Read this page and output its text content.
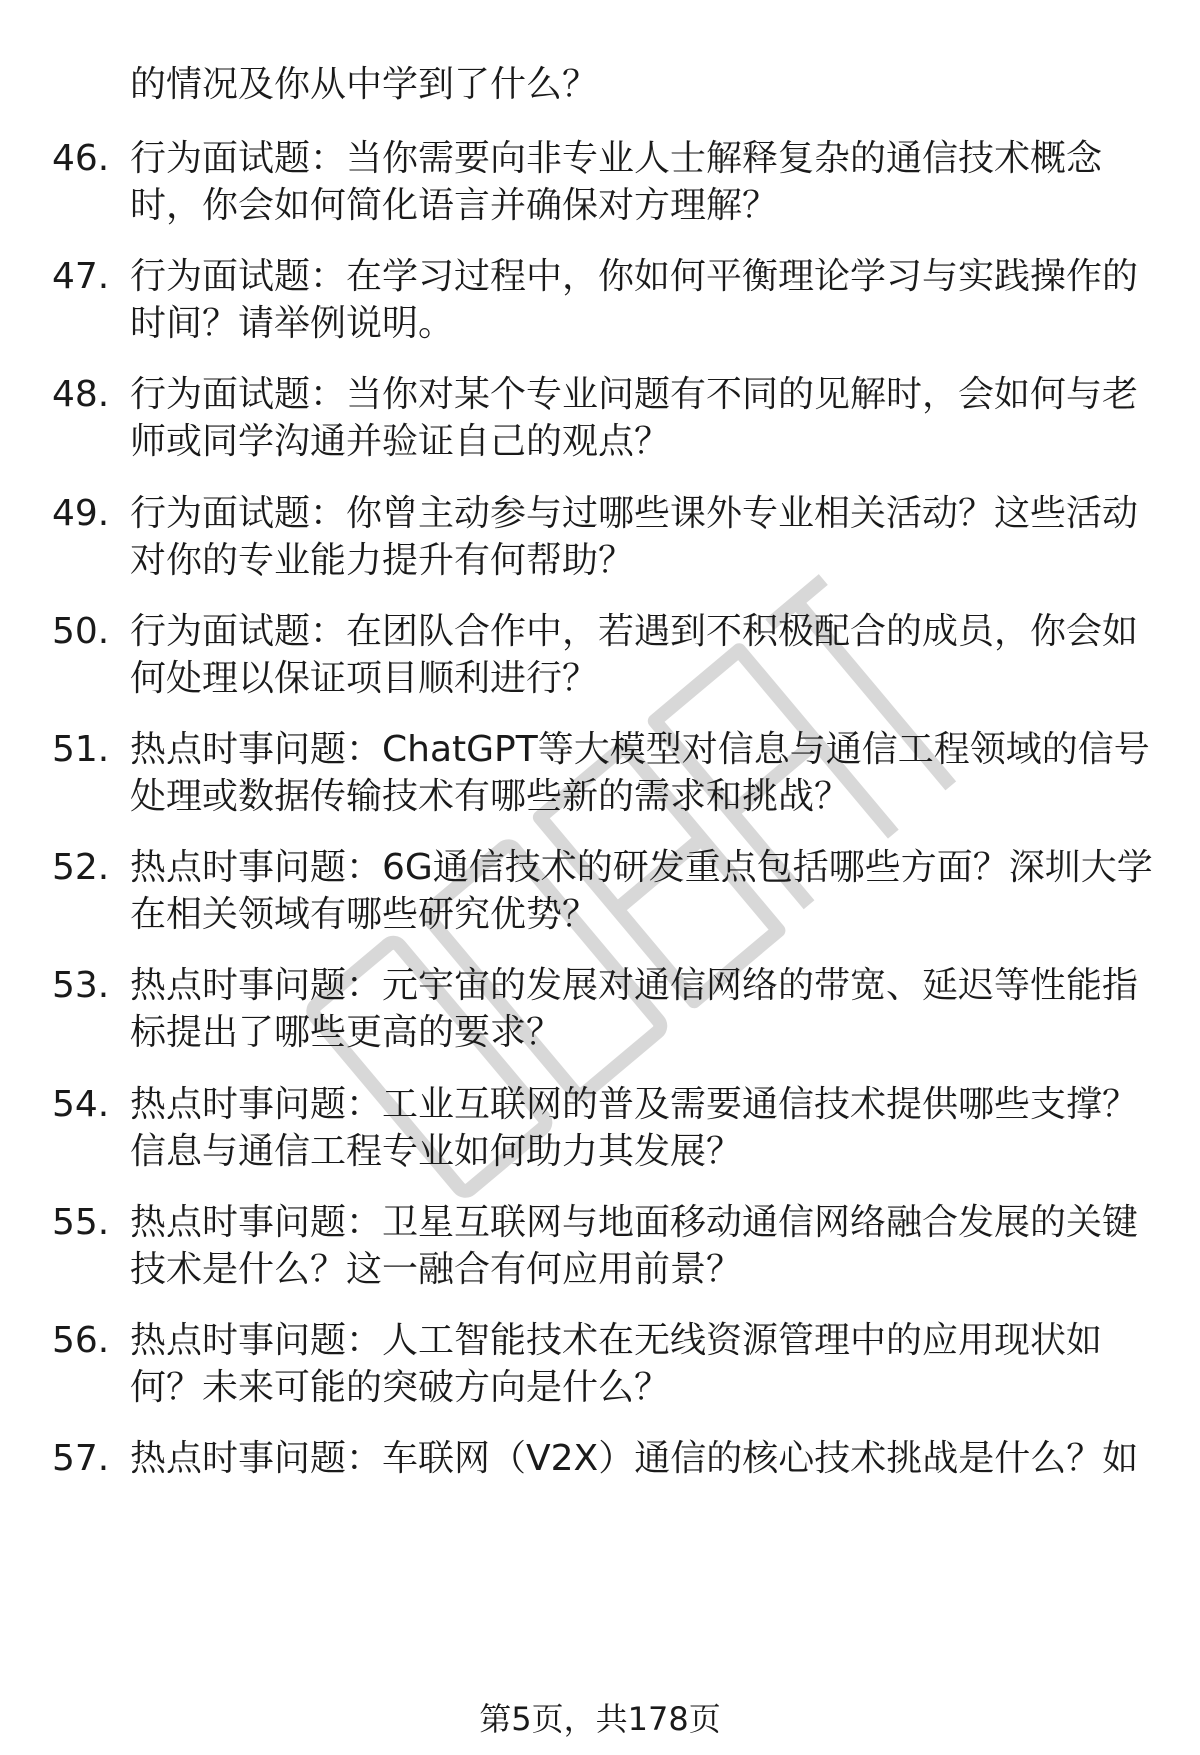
的情况及你从中学到了什么？
46. 行为面试题：当你需要向非专业人士解释复杂的通信技术概念
时，你会如何简化语言并确保对方理解？
47. 行为面试题：在学习过程中，你如何平衡理论学习与实践操作的
时间？请举例说明。
48. 行为面试题：当你对某个专业问题有不同的见解时，会如何与老
师或同学沟通并验证自己的观点？
49. 行为面试题：你曾主动参与过哪些课外专业相关活动？这些活动
对你的专业能力提升有何帮助？
50. 行为面试题：在团队合作中，若遇到不积极配合的成员，你会如
何处理以保证项目顺利进行？
51. 热点时事问题：ChatGPT等大模型对信息与通信工程领域的信号
处理或数据传输技术有哪些新的需求和挑战？
52. 热点时事问题：6G通信技术的研发重点包括哪些方面？深圳大学
在相关领域有哪些研究优势？
53. 热点时事问题：元宇宙的发展对通信网络的带宽、延迟等性能指
标提出了哪些更高的要求？
54. 热点时事问题：工业互联网的普及需要通信技术提供哪些支撑？
信息与通信工程专业如何助力其发展？
55. 热点时事问题：卫星互联网与地面移动通信网络融合发展的关键
技术是什么？这一融合有何应用前景？
56. 热点时事问题：人工智能技术在无线资源管理中的应用现状如
何？未来可能的突破方向是什么？
57. 热点时事问题：车联网（V2X）通信的核心技术挑战是什么？如
第5页，共178页
